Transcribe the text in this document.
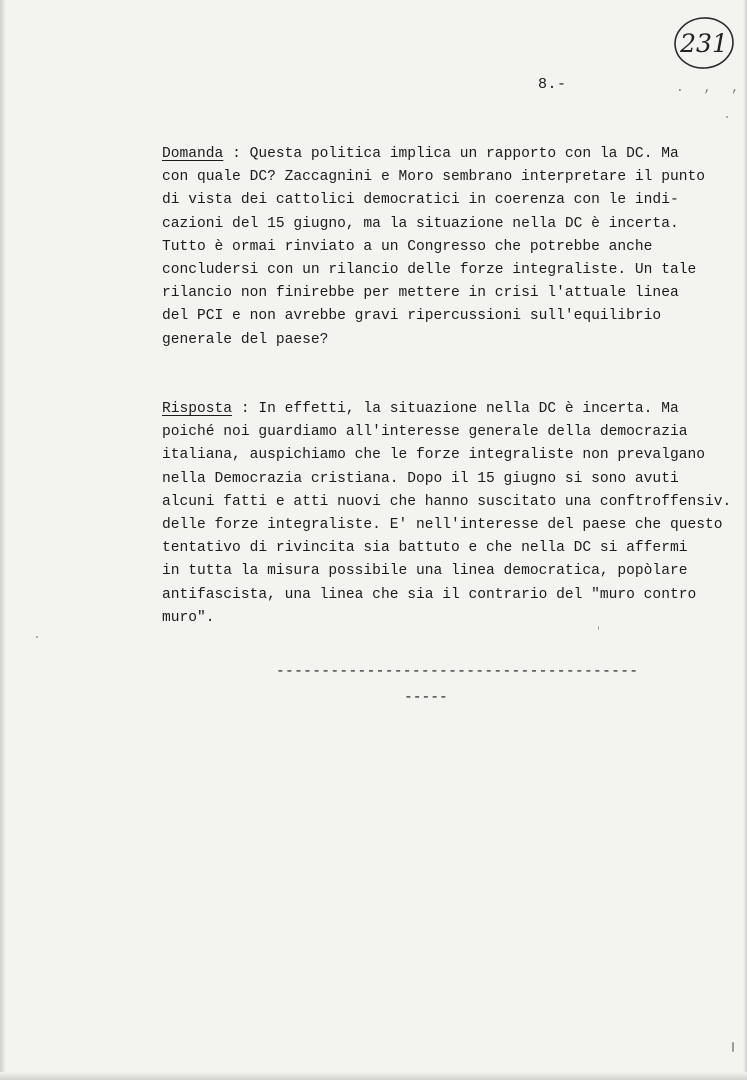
231
8.-	. , ,
Domanda : Questa politica implica un rapporto con la DC. Ma
con quale DC? Zaccagnini e Moro sembrano interpretare il punto
di vista dei cattolici democratici in coerenza con le indi-
cazioni del 15 giugno, ma la situazione nella DC è incerta.
Tutto è ormai rinviato a un Congresso che potrebbe anche
concludersi con un rilancio delle forze integraliste. Un tale
rilancio non finirebbe per mettere in crisi l'attuale linea
del PCI e non avrebbe gravi ripercussioni sull'equilibrio
generale del paese?
Risposta : In effetti, la situazione nella DC è incerta. Ma
poiché noi guardiamo all'interesse generale della democrazia
italiana, auspichiamo che le forze integraliste non prevalgano
nella Democrazia cristiana. Dopo il 15 giugno si sono avuti
alcuni fatti e atti nuovi che hanno suscitato una conftroffensiv.
delle forze integraliste. E' nell'interesse del paese che questo
tentativo di rivincita sia battuto e che nella DC si affermi
in tutta la misura possibile una linea democratica, popòlare
antifascista, una linea che sia il contrario del "muro contro
muro".
----------------------------------------
-----
